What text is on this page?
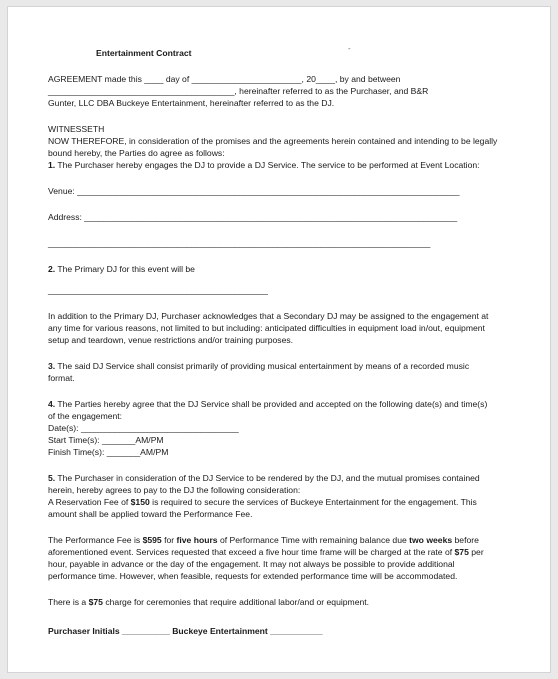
-

Entertainment Contract

AGREEMENT made this ____ day of _______________________, 20____, by and between

_______________________________________, hereinafter referred to as the Purchaser, and B&R

Gunter, LLC DBA Buckeye Entertainment, hereinafter referred to as the DJ.

WITNESSETH

NOW THEREFORE, in consideration of the promises and the agreements herein contained and intending to be legally

bound hereby, the Parties do agree as follows:

1. The Purchaser hereby engages the DJ to provide a DJ Service. The service to be performed at Event Location:

Venue: ________________________________________________________________________________

Address: ______________________________________________________________________________

________________________________________________________________________________

2. The Primary DJ for this event will be

______________________________________________

In addition to the Primary DJ, Purchaser acknowledges that a Secondary DJ may be assigned to the engagement at

any time for various reasons, not limited to but including: anticipated difficulties in equipment load in/out, equipment

setup and teardown, venue restrictions and/or training purposes.

3. The said DJ Service shall consist primarily of providing musical entertainment by means of a recorded music

format.

4. The Parties hereby agree that the DJ Service shall be provided and accepted on the following date(s) and time(s)

of the engagement:

Date(s): _________________________________

Start Time(s): _______AM/PM

Finish Time(s): _______AM/PM

5. The Purchaser in consideration of the DJ Service to be rendered by the DJ, and the mutual promises contained

herein, hereby agrees to pay to the DJ the following consideration:

A Reservation Fee of $150 is required to secure the services of Buckeye Entertainment for the engagement. This

amount shall be applied toward the Performance Fee.

The Performance Fee is $595 for five hours of Performance Time with remaining balance due two weeks before

aforementioned event. Services requested that exceed a five hour time frame will be charged at the rate of $75 per

hour, payable in advance or the day of the engagement. It may not always be possible to provide additional

performance time. However, when feasible, requests for extended performance time will be accommodated.

There is a $75 charge for ceremonies that require additional labor/and or equipment.

Purchaser Initials __________ Buckeye Entertainment ___________
